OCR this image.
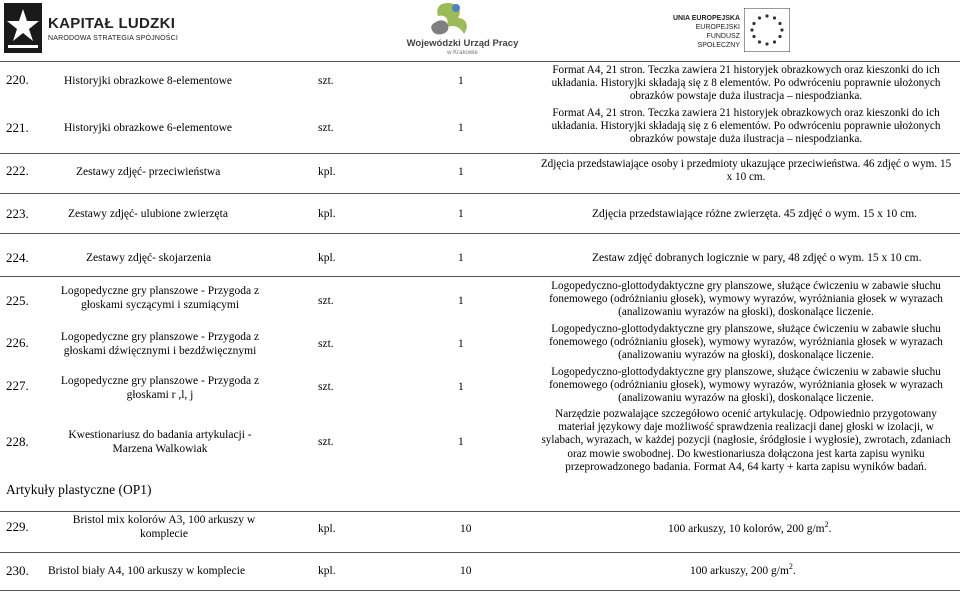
KAPITAŁ LUDZKI
NARODOWA STRATEGIA SPÓJNOŚCI	Wojewódzki Urząd Pracy
w Krakowie
UNIA EUROPEJSKA
EUROPEJSKI
FUNDUSZ SPOŁECZNY
220.	Historyjki obrazkowe 8-elementowe	szt.	1
Format A4, 21 stron. Teczka zawiera 21 historyjek obrazkowych oraz kieszonki do ich
układania. Historyjki składają się z 8 elementów. Po odwróceniu poprawnie ułożonych
obrazków powstaje duża ilustracja – niespodzianka.
221.	Historyjki obrazkowe 6-elementowe	szt.	1
Format A4, 21 stron. Teczka zawiera 21 historyjek obrazkowych oraz kieszonki do ich
układania. Historyjki składają się z 6 elementów. Po odwróceniu poprawnie ułożonych
obrazków powstaje duża ilustracja – niespodzianka.
222.	Zestawy zdjęć- przeciwieństwa	kpl.	1
Zdjęcia przedstawiające osoby i przedmioty ukazujące przeciwieństwa. 46 zdjęć o wym. 15
x 10 cm.
223.	Zestawy zdjęć- ulubione zwierzęta	kpl.	1	Zdjęcia przedstawiające różne zwierzęta. 45 zdjęć o wym. 15 x 10 cm.
224.	Zestawy zdjęć- skojarzenia	kpl.	1	Zestaw zdjęć dobranych logicznie w pary, 48 zdjęć o wym. 15 x 10 cm.
225.
Logopedyczne gry planszowe - Przygoda z
głoskami syczącymi i szumiącymi	szt.	1
Logopedyczno-glottodydaktyczne gry planszowe, służące ćwiczeniu w zabawie słuchu
fonemowego (odróżnianiu głosek), wymowy wyrazów, wyróżniania głosek w wyrazach
(analizowaniu wyrazów na głoski), doskonalące liczenie.
226.	Logopedyczne gry planszowe - Przygoda z
głoskami dźwięcznymi i bezdźwięcznymi
szt.	1
Logopedyczno-glottodydaktyczne gry planszowe, służące ćwiczeniu w zabawie słuchu
fonemowego (odróżnianiu głosek), wymowy wyrazów, wyróżniania głosek w wyrazach
(analizowaniu wyrazów na głoski), doskonalące liczenie.
227.	Logopedyczne gry planszowe - Przygoda z
głoskami r ,l, j
szt.	1
Logopedyczno-glottodydaktyczne gry planszowe, służące ćwiczeniu w zabawie słuchu
fonemowego (odróżnianiu głosek), wymowy wyrazów, wyróżniania głosek w wyrazach
(analizowaniu wyrazów na głoski), doskonalące liczenie.
228.	Kwestionariusz do badania artykulacji -
Marzena Walkowiak
szt.	1
Narzędzie pozwalające szczegółowo ocenić artykulację. Odpowiednio przygotowany
materiał językowy daje możliwość sprawdzenia realizacji danej głoski w izolacji, w
sylabach, wyrazach, w każdej pozycji (nagłosie, śródgłosie i wygłosie), zwrotach, zdaniach
oraz mowie swobodnej. Do kwestionariusza dołączona jest karta zapisu wyniku
przeprowadzonego badania. Format A4, 64 karty + karta zapisu wyników badań.
Artykuły plastyczne (OP1)
229.	Bristol mix kolorów A3, 100 arkuszy w
komplecie	kpl.	10	100 arkuszy, 10 kolorów, 200 $g/m^2$.
230. Bristol biały A4, 100 arkuszy w komplecie	kpl.	10	100 arkuszy, 200 $g/m^2$.
